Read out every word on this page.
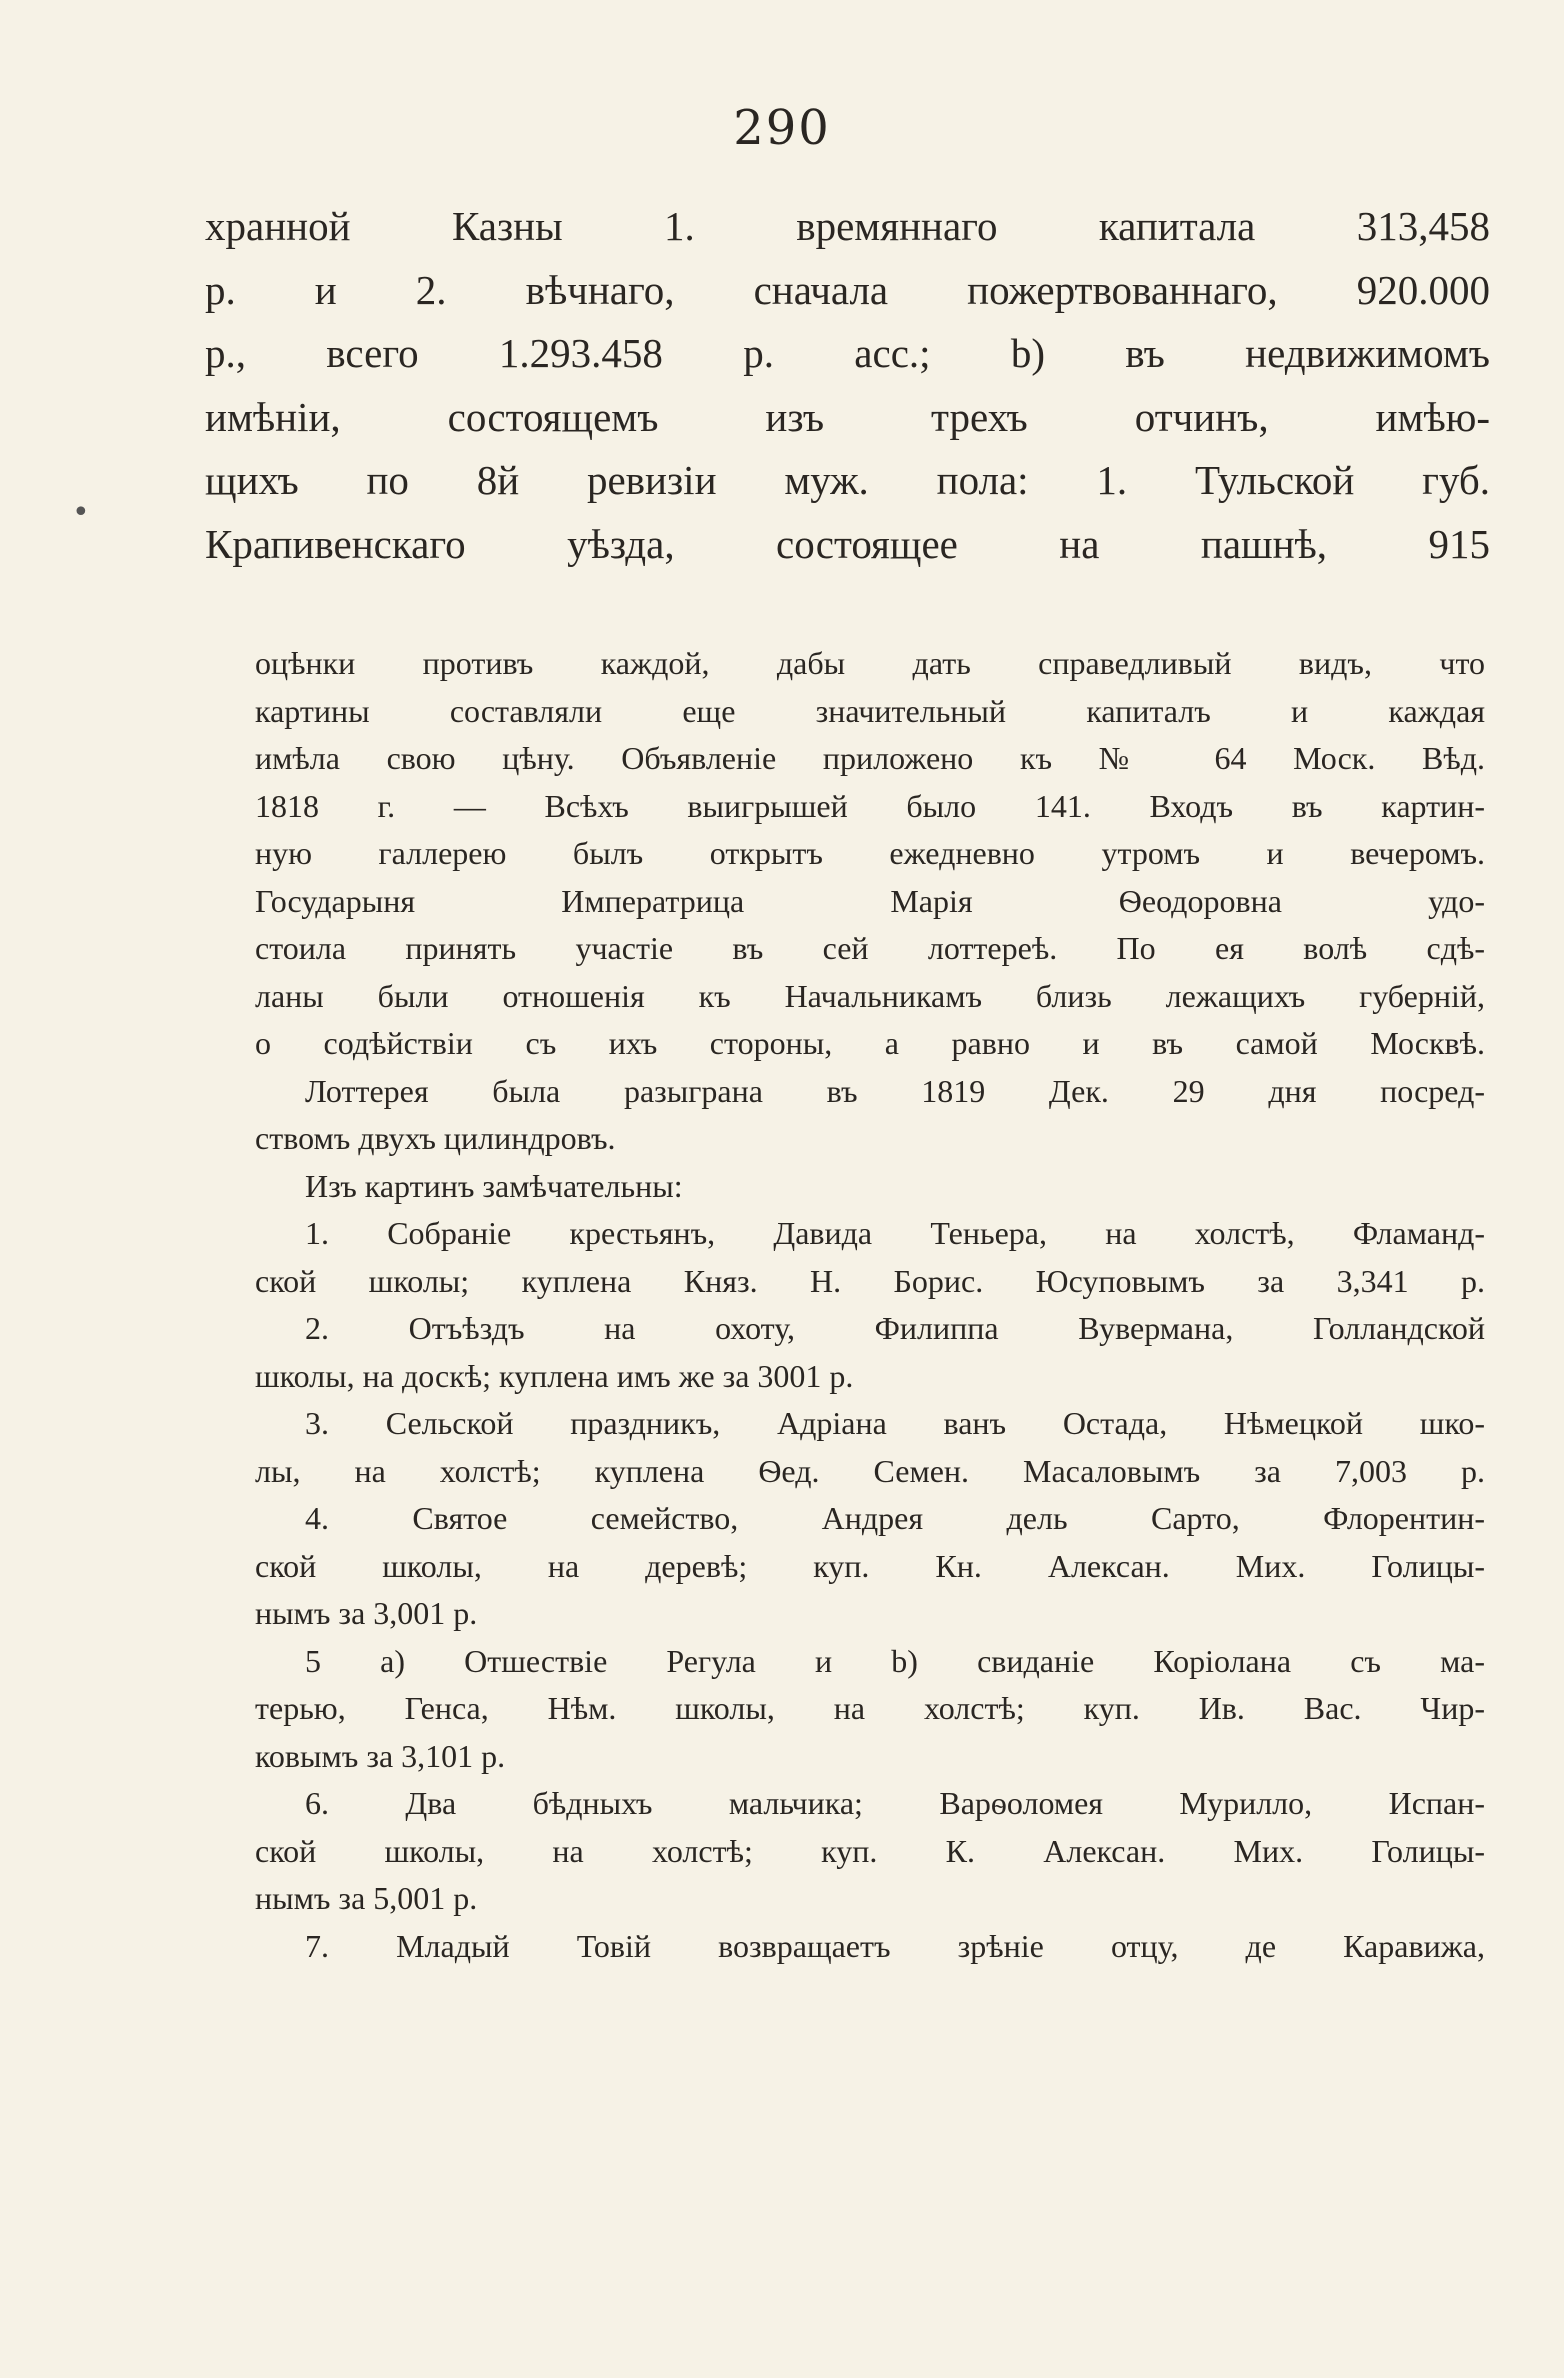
290
хранной Казны 1. времяннаго капитала 313,458
р. и 2. вѣчнаго, сначала пожертвованнаго, 920.000
р., всего 1.293.458 р. асс.; b) въ недвижимомъ
имѣніи, состоящемъ изъ трехъ отчинъ, имѣю-
щихъ по 8й ревизіи муж. пола: 1. Тульской губ.
Крапивенскаго уѣзда, состоящее на пашнѣ, 915
оцѣнки противъ каждой, дабы дать справедливый видъ, что
картины составляли еще значительный капиталъ и каждая
имѣла свою цѣну. Объявленіе приложено къ № 64 Моск. Вѣд.
1818 г. — Всѣхъ выигрышей было 141. Входъ въ картин-
ную галлерею былъ открытъ ежедневно утромъ и вечеромъ.
Государыня Императрица Марія Ѳеодоровна удо-
стоила принять участіе въ сей лоттереѣ. По ея волѣ сдѣ-
ланы были отношенія къ Начальникамъ близь лежащихъ губерній,
о содѣйствіи съ ихъ стороны, а равно и въ самой Москвѣ.
Лоттерея была разыграна въ 1819 Дек. 29 дня посред-
ствомъ двухъ цилиндровъ.
Изъ картинъ замѣчательны:
1. Собраніе крестьянъ, Давида Теньера, на холстѣ, Фламанд-
ской школы; куплена Княз. Н. Борис. Юсуповымъ за 3,341 р.
2. Отъѣздъ на охоту, Филиппа Вуверманa, Голландской
школы, на доскѣ; куплена имъ же за 3001 р.
3. Сельской праздникъ, Адріана ванъ Остада, Нѣмецкой шко-
лы, на холстѣ; куплена Ѳед. Семен. Масаловымъ за 7,003 р.
4. Святое семейство, Андрея дель Сарто, Флорентин-
ской школы, на деревѣ; куп. Кн. Алексан. Мих. Голицы-
нымъ за 3,001 р.
5 а) Отшествіе Регула и b) свиданіе Коріолана съ ма-
терью, Генса, Нѣм. школы, на холстѣ; куп. Ив. Вас. Чир-
ковымъ за 3,101 р.
6. Два бѣдныхъ мальчика; Варѳоломея Мурилло, Испан-
ской школы, на холстѣ; куп. К. Алексан. Мих. Голицы-
нымъ за 5,001 р.
7. Младый Товій возвращаетъ зрѣніе отцу, де Каравижа,
•
